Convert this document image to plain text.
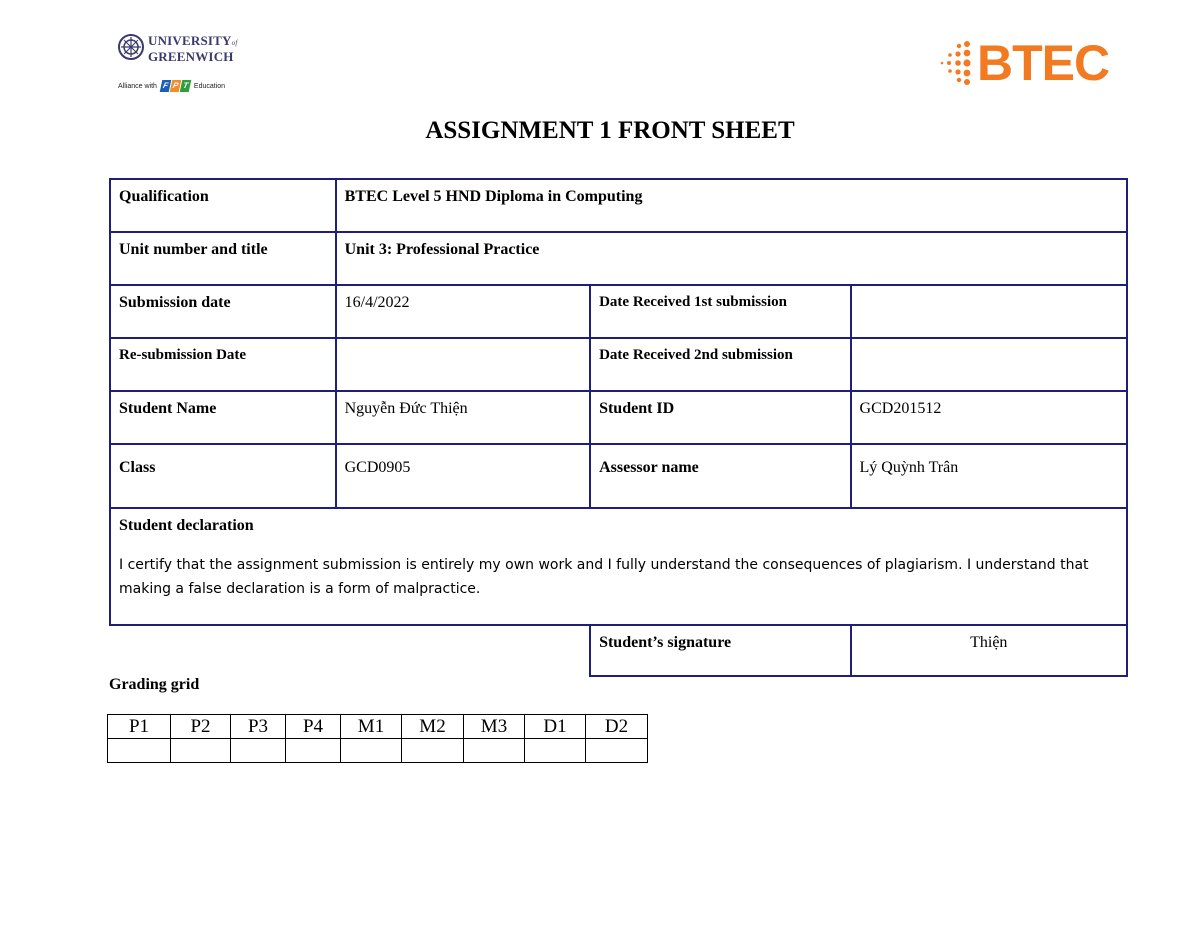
UNIVERSITYof
GREENWICH
Alliance with F P T Education	BTEC
ASSIGNMENT 1 FRONT SHEET
Qualification	BTEC Level 5 HND Diploma in Computing		
Unit number and title	Unit 3: Professional Practice		
Submission date	16/4/2022	Date Received 1st submission	
Re-submission Date		Date Received 2nd submission	
Student Name	Nguyễn Đức Thiện	Student ID	GCD201512
Class	GCD0905	Assessor name	Lý Quỳnh Trân

Student declaration
I certify that the assignment submission is entirely my own work and I fully understand the consequences of plagiarism. I understand that making a false declaration is a form of malpractice.			

		Student’s signature	Thiện
Grading grid
P1	P2	P3	P4	M1	M2	M3	D1	D2
